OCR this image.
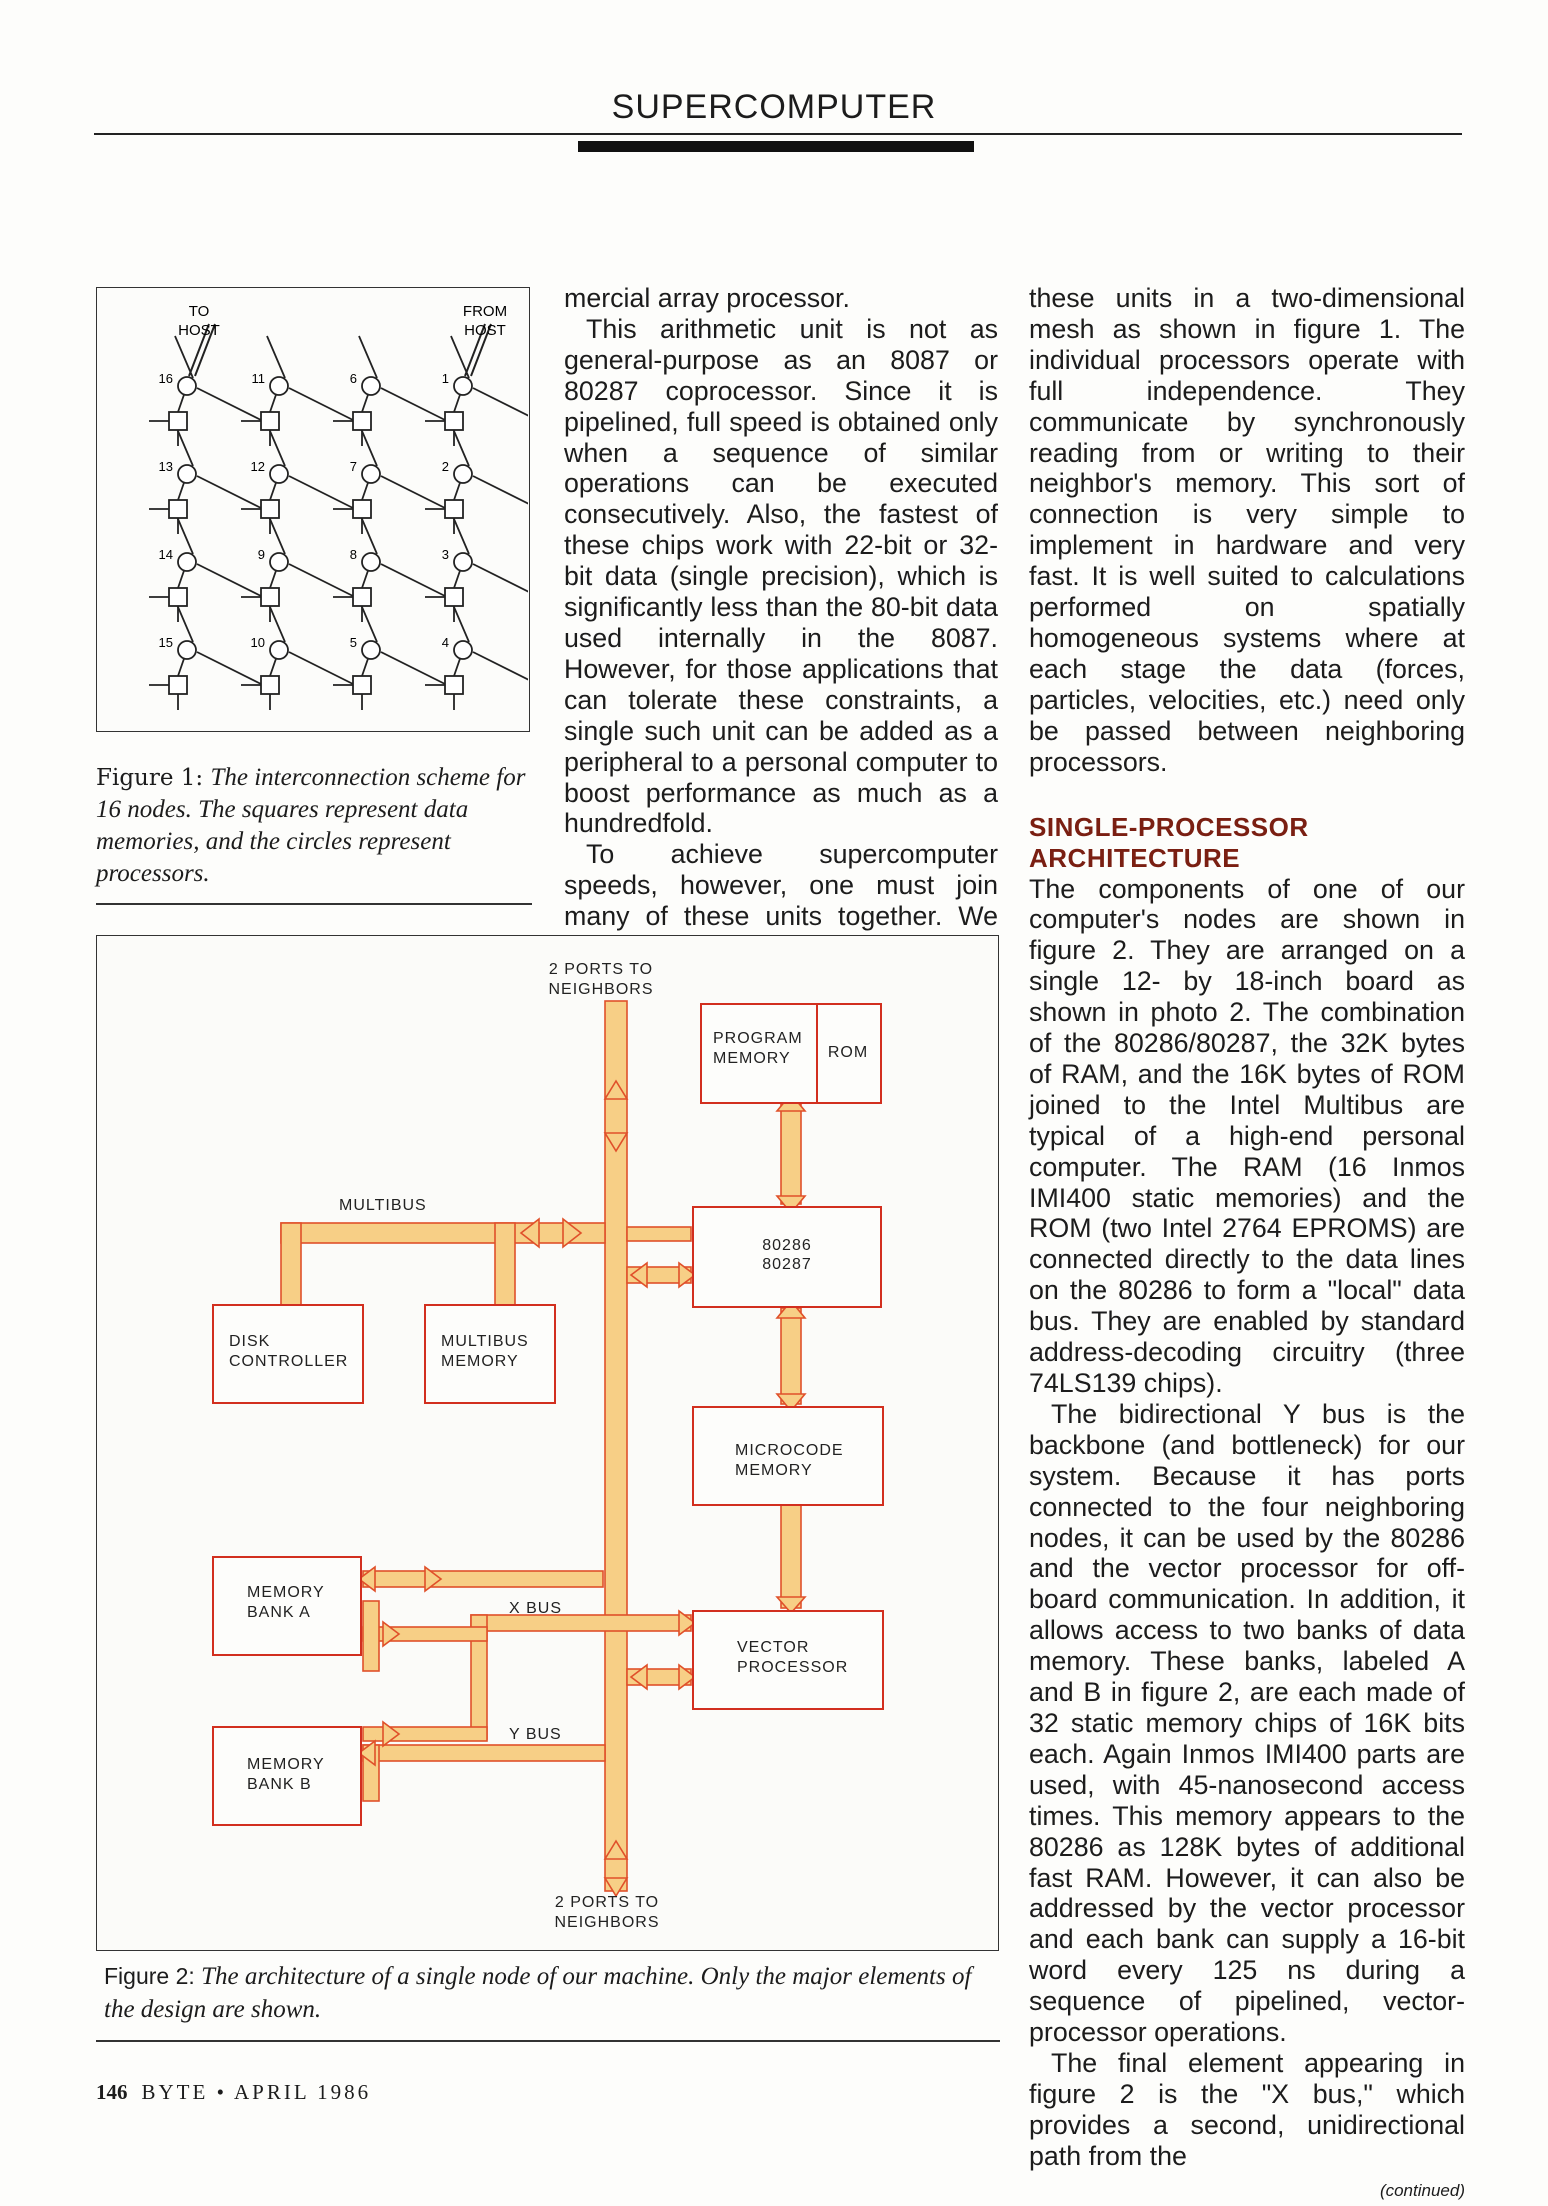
SUPERCOMPUTER
16	11	6	1
13	12	7	2
14	9	8	3
15	10	5	4
TO
HOST
FROM
HOST
Figure 1: The interconnection scheme for 16 nodes. The squares represent data memories, and the circles represent processors.

mercial array processor.

This arithmetic unit is not as general-purpose as an 8087 or 80287 coprocessor. Since it is pipelined, full speed is obtained only when a sequence of similar operations can be executed consecutively. Also, the fastest of these chips work with 22-bit or 32-bit data (single precision), which is significantly less than the 80-bit data used internally in the 8087. However, for those applications that can tolerate these constraints, a single such unit can be added as a peripheral to a personal computer to boost performance as much as a hundredfold.

To achieve supercomputer speeds, however, one must join many of these units together. We

these units in a two-dimensional mesh as shown in figure 1. The individual processors operate with full independence. They communicate by synchronously reading from or writing to their neighbor's memory. This sort of connection is very simple to implement in hardware and very fast. It is well suited to calculations performed on spatially homogeneous systems where at each stage the data (forces, particles, velocities, etc.) need only be passed between neighboring processors.

SINGLE-PROCESSOR
ARCHITECTURE

The components of one of our computer's nodes are shown in figure 2. They are arranged on a single 12- by 18-inch board as shown in photo 2. The combination of the 80286/80287, the 32K bytes of RAM, and the 16K bytes of ROM joined to the Intel Multibus are typical of a high-end personal computer. The RAM (16 Inmos IMI400 static memories) and the ROM (two Intel 2764 EPROMS) are connected directly to the data lines on the 80286 to form a "local" data bus. They are enabled by standard address-decoding circuitry (three 74LS139 chips).

The bidirectional Y bus is the backbone (and bottleneck) for our system. Because it has ports connected to the four neighboring nodes, it can be used by the 80286 and the vector processor for off-board communication. In addition, it allows access to two banks of data memory. These banks, labeled A and B in figure 2, are each made of 32 static memory chips of 16K bits each. Again Inmos IMI400 parts are used, with 45-nanosecond access times. This memory appears to the 80286 as 128K bytes of additional fast RAM. However, it can also be addressed by the vector processor and each bank can supply a 16-bit word every 125 ns during a sequence of pipelined, vector-processor operations.

The final element appearing in figure 2 is the "X bus," which provides a second, unidirectional path from the

(continued)
2 PORTS TO
NEIGHBORS
PROGRAM
MEMORY ROM
MULTIBUS
80286
80287
DISK
CONTROLLER
MULTIBUS
MEMORY
MICROCODE
MEMORY
MEMORY
BANK A	X BUS
VECTOR
PROCESSOR
Y BUS
MEMORY
BANK B
2 PORTS TO
NEIGHBORS
Figure 2: The architecture of a single node of our machine. Only the major elements of the design are shown.
146 BYTE • APRIL 1986
